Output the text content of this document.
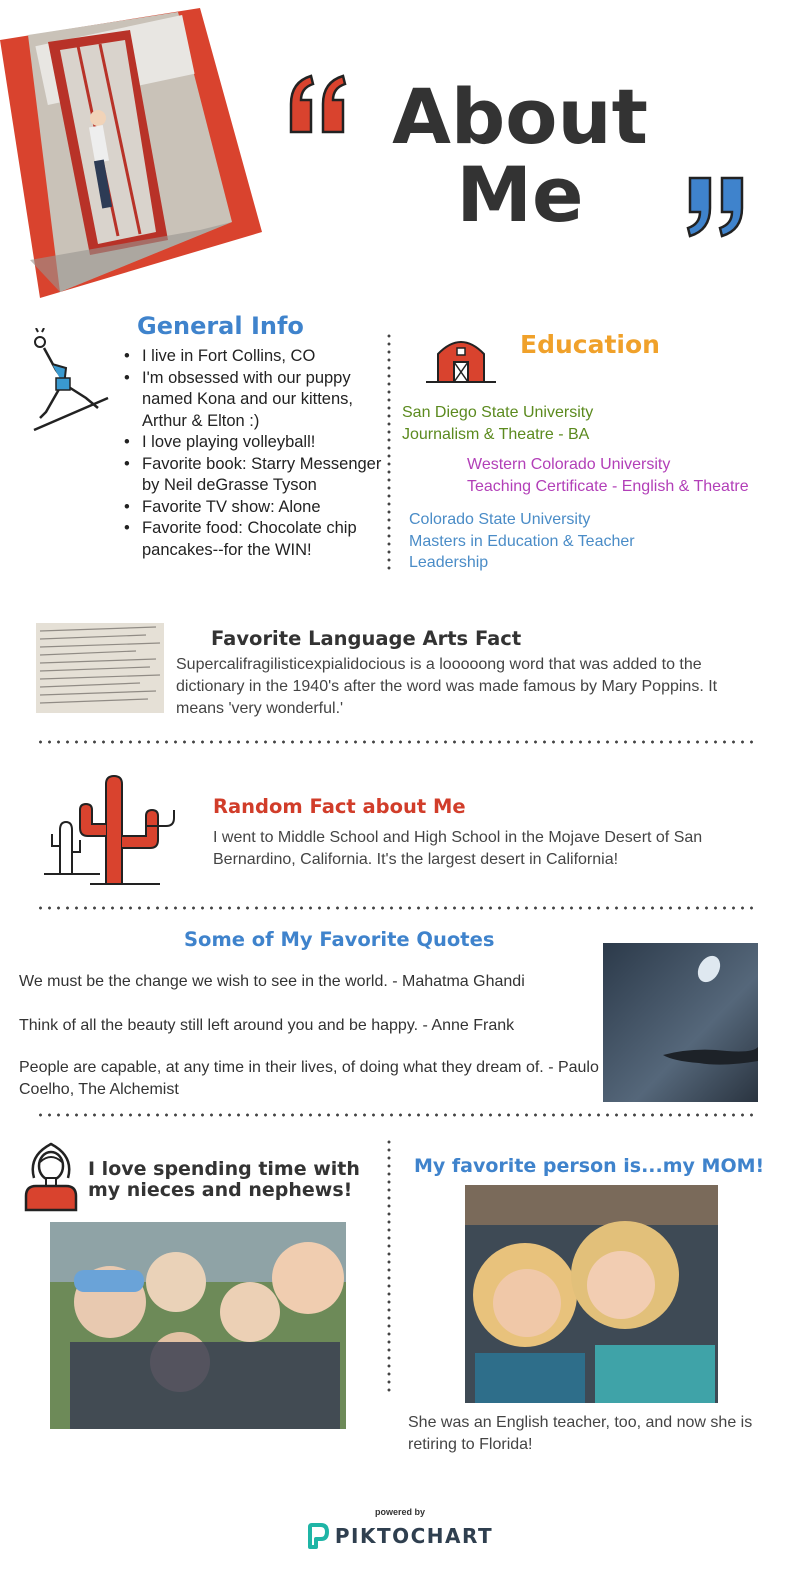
About
Me
General Info
• I live in Fort Collins, CO
• I'm obsessed with our puppy named Kona and our kittens, Arthur & Elton :)
• I love playing volleyball!
• Favorite book: Starry Messenger by Neil deGrasse Tyson
• Favorite TV show: Alone
• Favorite food: Chocolate chip pancakes--for the WIN!
Education
San Diego State University
Journalism & Theatre - BA
Western Colorado University
Teaching Certificate - English & Theatre
Colorado State University
Masters in Education & Teacher Leadership
Favorite Language Arts Fact
Supercalifragilisticexpialidocious is a looooong word that was added to the dictionary in the 1940's after the word was made famous by Mary Poppins. It means 'very wonderful.'
Random Fact about Me
I went to Middle School and High School in the Mojave Desert of San Bernardino, California. It's the largest desert in California!
Some of My Favorite Quotes
We must be the change we wish to see in the world. - Mahatma Ghandi
Think of all the beauty still left around you and be happy. - Anne Frank
People are capable, at any time in their lives, of doing what they dream of. - Paulo Coelho, The Alchemist
I love spending time with my nieces and nephews!
My favorite person is...my MOM!
She was an English teacher, too, and now she is retiring to Florida!
powered by
PIKTOCHART
